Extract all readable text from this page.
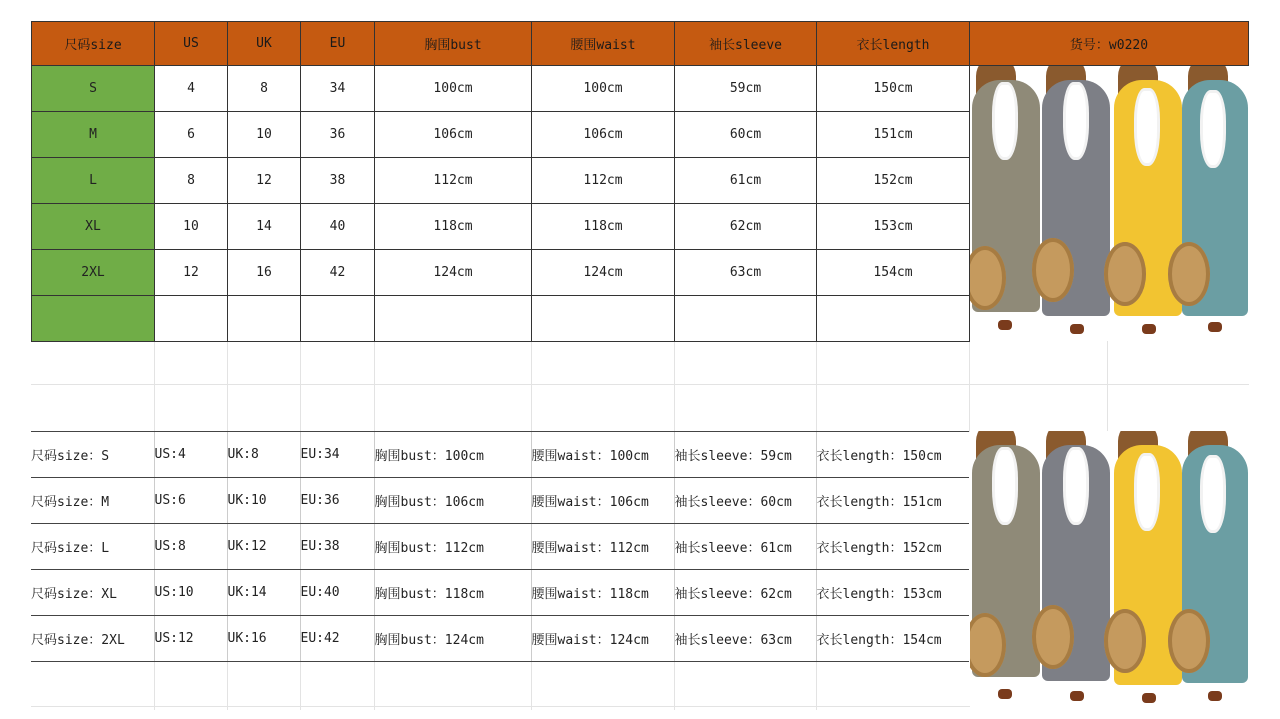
尺码size	US	UK	EU	胸围bust	腰围waist	袖长sleeve	衣长length	货号：w0220
S	4	8	34	100cm	100cm	59cm	150cm	
M	6	10	36	106cm	106cm	60cm	151cm	
L	8	12	38	112cm	112cm	61cm	152cm	
XL	10	14	40	118cm	118cm	62cm	153cm	
2XL	12	16	42	124cm	124cm	63cm	154cm	

尺码size：S	US:4	UK:8	EU:34	胸围bust：100cm	腰围waist：100cm	袖长sleeve：59cm	衣长length：150cm
尺码size：M	US:6	UK:10	EU:36	胸围bust：106cm	腰围waist：106cm	袖长sleeve：60cm	衣长length：151cm
尺码size：L	US:8	UK:12	EU:38	胸围bust：112cm	腰围waist：112cm	袖长sleeve：61cm	衣长length：152cm
尺码size：XL	US:10	UK:14	EU:40	胸围bust：118cm	腰围waist：118cm	袖长sleeve：62cm	衣长length：153cm
尺码size：2XL	US:12	UK:16	EU:42	胸围bust：124cm	腰围waist：124cm	袖长sleeve：63cm	衣长length：154cm
